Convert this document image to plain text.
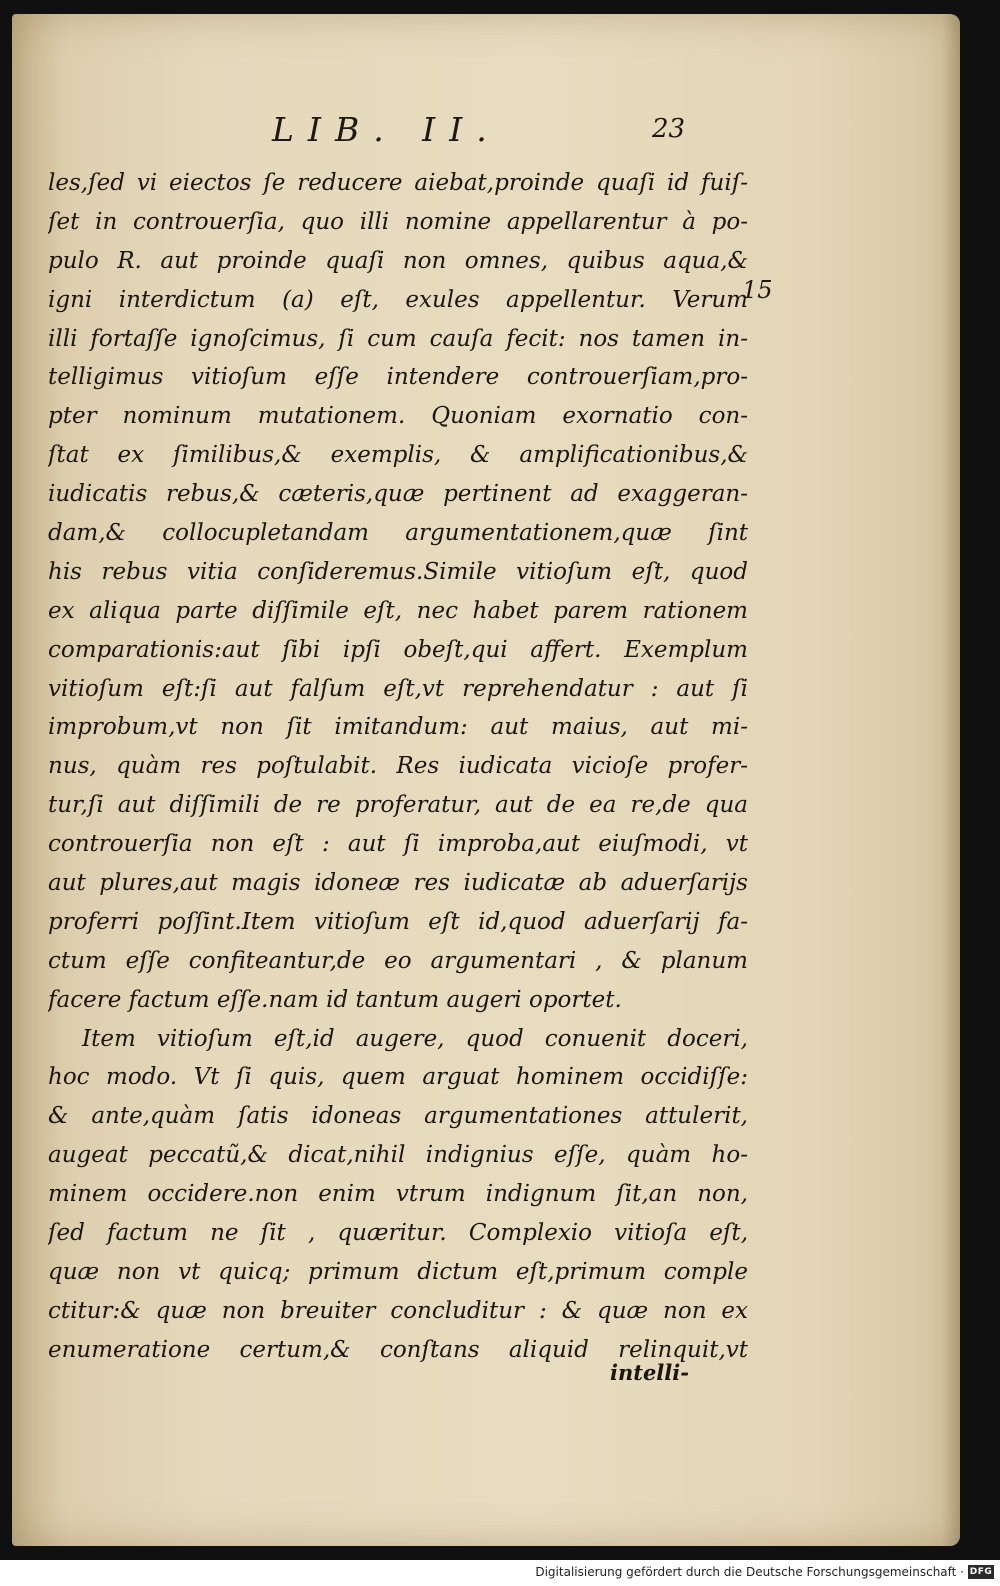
LIB. II.	23
15
les,ſed vi eiectos ſe reducere aiebat,proinde quaſi id fuiſ-
ſet in controuerſia, quo illi nomine appellarentur à po-
pulo R. aut proinde quaſi non omnes, quibus aqua,&
igni interdictum (a) eſt, exules appellentur. Verum
illi fortaſſe ignoſcimus, ſi cum cauſa fecit: nos tamen in-
telligimus vitioſum eſſe intendere controuerſiam,pro-
pter nominum mutationem. Quoniam exornatio con-
ſtat ex ſimilibus,& exemplis, & amplificationibus,&
iudicatis rebus,& cæteris,quæ pertinent ad exaggeran-
dam,& collocupletandam argumentationem,quæ ſint
his rebus vitia conſideremus.Simile vitioſum eſt, quod
ex aliqua parte diſſimile eſt, nec habet parem rationem
comparationis:aut ſibi ipſi obeſt,qui affert. Exemplum
vitioſum eſt:ſi aut falſum eſt,vt reprehendatur : aut ſi
improbum,vt non ſit imitandum: aut maius, aut mi-
nus, quàm res poſtulabit. Res iudicata vicioſe profer-
tur,ſi aut diſſimili de re proferatur, aut de ea re,de qua
controuerſia non eſt : aut ſi improba,aut eiuſmodi, vt
aut plures,aut magis idoneæ res iudicatæ ab aduerſarijs
proferri poſſint.Item vitioſum eſt id,quod aduerſarij fa-
ctum eſſe confiteantur,de eo argumentari , & planum
facere factum eſſe.nam id tantum augeri oportet.
Item vitioſum eſt,id augere, quod conuenit doceri,
hoc modo. Vt ſi quis, quem arguat hominem occidiſſe:
& ante,quàm ſatis idoneas argumentationes attulerit,
augeat peccatũ,& dicat,nihil indignius eſſe, quàm ho-
minem occidere.non enim vtrum indignum ſit,an non,
ſed factum ne ſit , quæritur. Complexio vitioſa eſt,
quæ non vt quicq; primum dictum eſt,primum comple
ctitur:& quæ non breuiter concluditur : & quæ non ex
enumeratione certum,& conſtans aliquid relinquit,vt
intelli-
Digitalisierung gefördert durch die Deutsche Forschungsgemeinschaft · DFG
